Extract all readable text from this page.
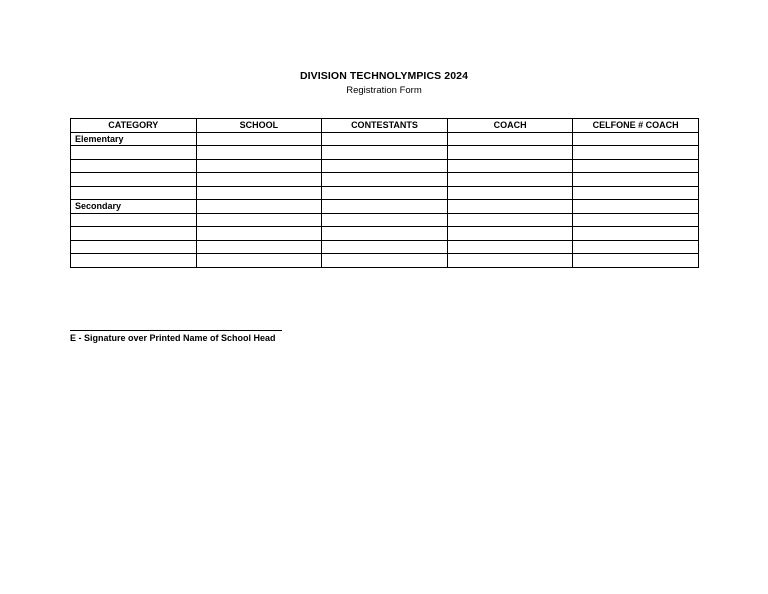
DIVISION TECHNOLYMPICS 2024
Registration Form
CATEGORY	SCHOOL	CONTESTANTS	COACH	CELFONE # COACH
Elementary				

Secondary				

E - Signature over Printed Name of School Head
